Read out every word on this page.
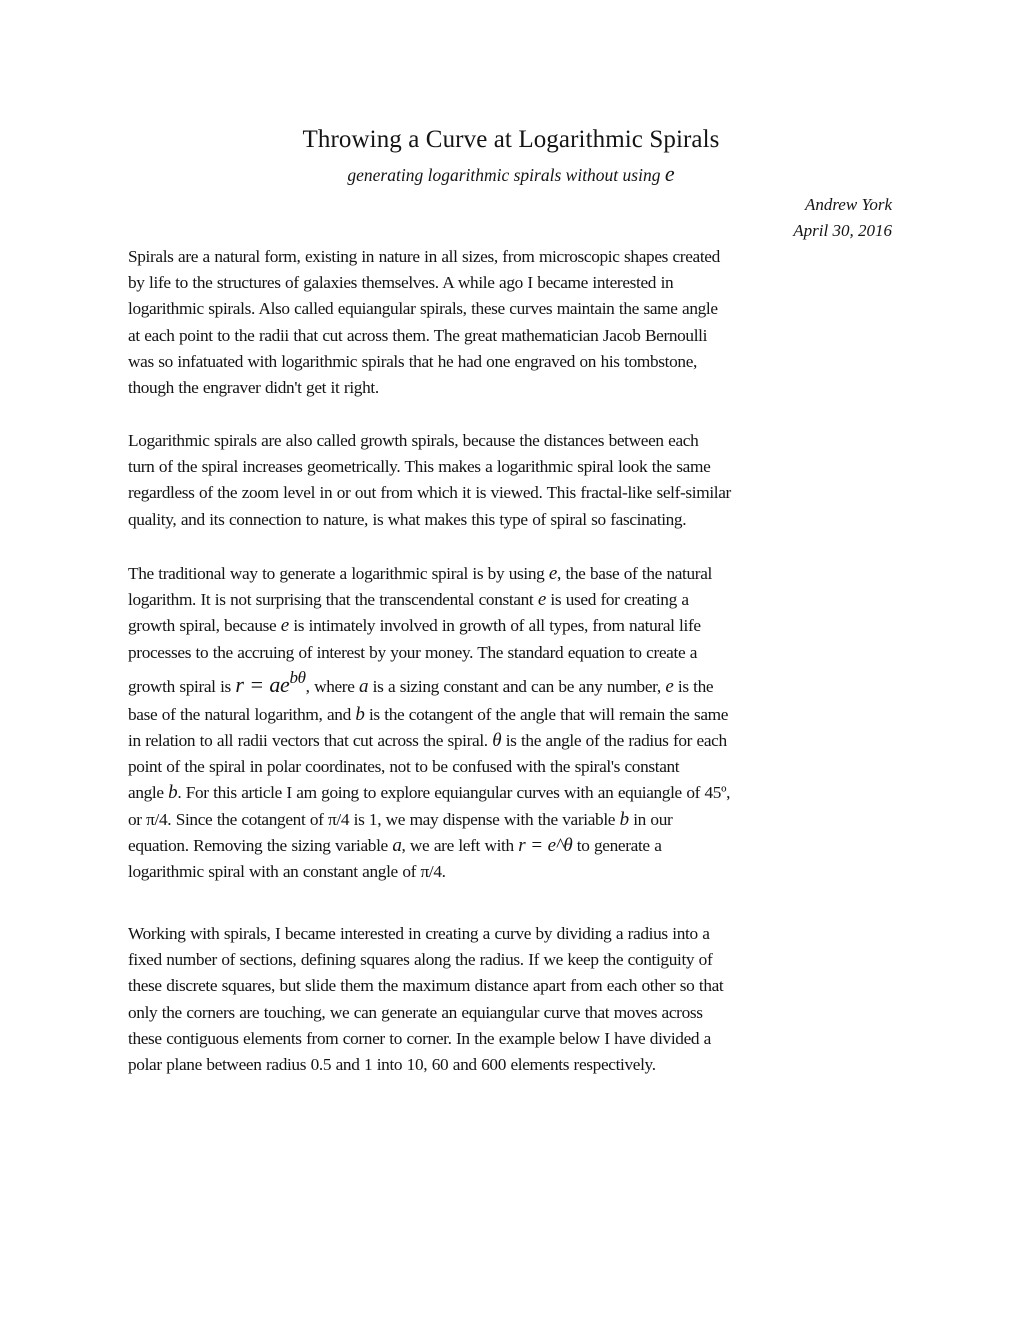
Throwing a Curve at Logarithmic Spirals
generating logarithmic spirals without using e
Andrew York
April 30, 2016
Spirals are a natural form, existing in nature in all sizes, from microscopic shapes created
by life to the structures of galaxies themselves. A while ago I became interested in
logarithmic spirals. Also called equiangular spirals, these curves maintain the same angle
at each point to the radii that cut across them. The great mathematician Jacob Bernoulli
was so infatuated with logarithmic spirals that he had one engraved on his tombstone,
though the engraver didn't get it right.
Logarithmic spirals are also called growth spirals, because the distances between each
turn of the spiral increases geometrically. This makes a logarithmic spiral look the same
regardless of the zoom level in or out from which it is viewed. This fractal-like self-similar
quality, and its connection to nature, is what makes this type of spiral so fascinating.
The traditional way to generate a logarithmic spiral is by using e, the base of the natural
logarithm. It is not surprising that the transcendental constant e is used for creating a
growth spiral, because e is intimately involved in growth of all types, from natural life
processes to the accruing of interest by your money. The standard equation to create a
growth spiral is $r = ae^{b\theta}$, where a is a sizing constant and can be any number, e is the
base of the natural logarithm, and b is the cotangent of the angle that will remain the same
in relation to all radii vectors that cut across the spiral. θ is the angle of the radius for each
point of the spiral in polar coordinates, not to be confused with the spiral's constant
angle b. For this article I am going to explore equiangular curves with an equiangle of 45º,
or π/4. Since the cotangent of π/4 is 1, we may dispense with the variable b in our
equation. Removing the sizing variable a, we are left with r = e^θ to generate a
logarithmic spiral with an constant angle of π/4.
Working with spirals, I became interested in creating a curve by dividing a radius into a
fixed number of sections, defining squares along the radius. If we keep the contiguity of
these discrete squares, but slide them the maximum distance apart from each other so that
only the corners are touching, we can generate an equiangular curve that moves across
these contiguous elements from corner to corner. In the example below I have divided a
polar plane between radius 0.5 and 1 into 10, 60 and 600 elements respectively.
